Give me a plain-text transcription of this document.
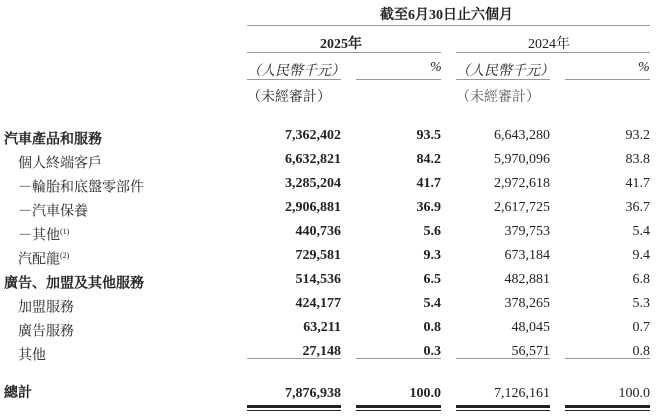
截至6月30日止六個月
2025年	2024年
（人民幣千元）	% （人民幣千元）	%
（未經審計）	（未經審計）
汽車產品和服務	7,362,402	93.5	6,643,280	93.2
個人終端客戶	6,632,821	84.2	5,970,096	83.8
－輪胎和底盤零部件	3,285,204	41.7	2,972,618	41.7
－汽車保養	2,906,881	36.9	2,617,725	36.7
－其他$^{(1)}$	440,736	5.6	379,753	5.4
汽配龍$^{(2)}$	729,581	9.3	673,184	9.4
廣告、加盟及其他服務	514,536	6.5	482,881	6.8
加盟服務	424,177	5.4	378,265	5.3
廣告服務	63,211	0.8	48,045	0.7
其他	27,148	0.3	56,571	0.8
總計	7,876,938	100.0	7,126,161	100.0
